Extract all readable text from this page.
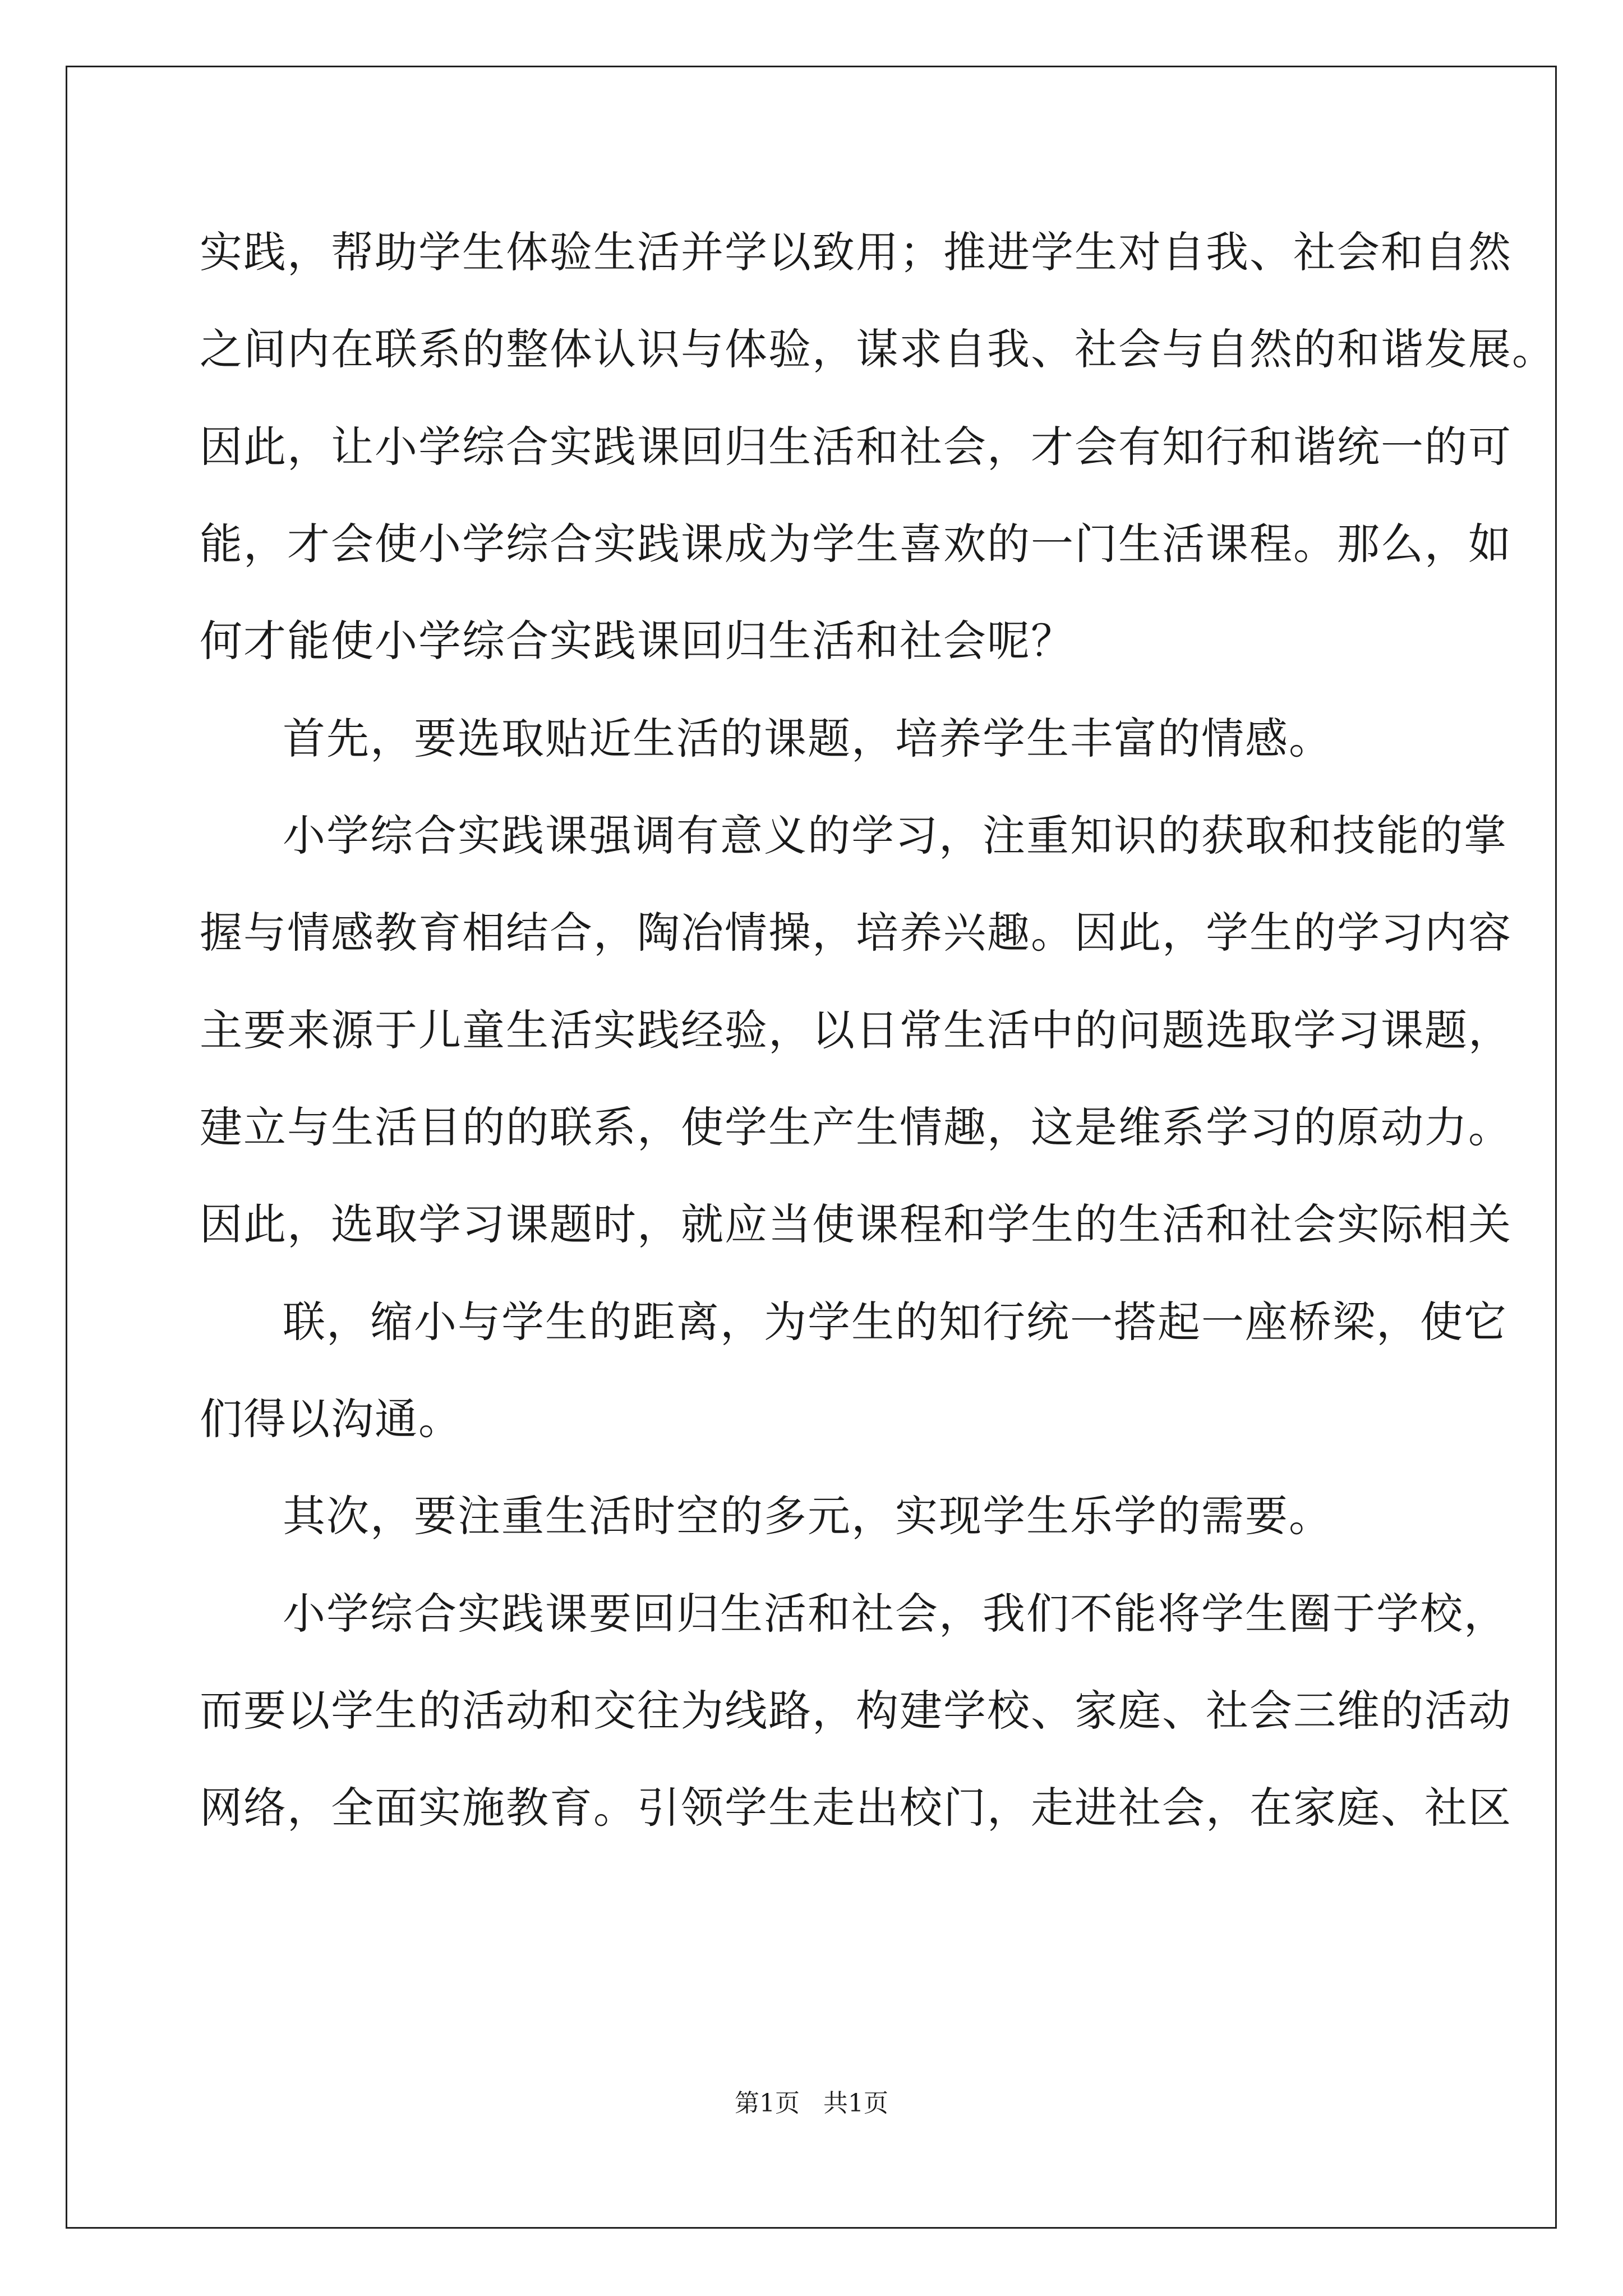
实践，帮助学生体验生活并学以致用；推进学生对自我、社会和自然

之间内在联系的整体认识与体验，谋求自我、社会与自然的和谐发展。

因此，让小学综合实践课回归生活和社会，才会有知行和谐统一的可

能，才会使小学综合实践课成为学生喜欢的一门生活课程。那么，如

何才能使小学综合实践课回归生活和社会呢？

首先，要选取贴近生活的课题，培养学生丰富的情感。

小学综合实践课强调有意义的学习，注重知识的获取和技能的掌

握与情感教育相结合，陶冶情操，培养兴趣。因此，学生的学习内容

主要来源于儿童生活实践经验，以日常生活中的问题选取学习课题，

建立与生活目的的联系，使学生产生情趣，这是维系学习的原动力。

因此，选取学习课题时，就应当使课程和学生的生活和社会实际相关

联，缩小与学生的距离，为学生的知行统一搭起一座桥梁，使它

们得以沟通。

其次，要注重生活时空的多元，实现学生乐学的需要。

小学综合实践课要回归生活和社会，我们不能将学生圈于学校，

而要以学生的活动和交往为线路，构建学校、家庭、社会三维的活动

网络，全面实施教育。引领学生走出校门，走进社会，在家庭、社区

第1页   共1页
